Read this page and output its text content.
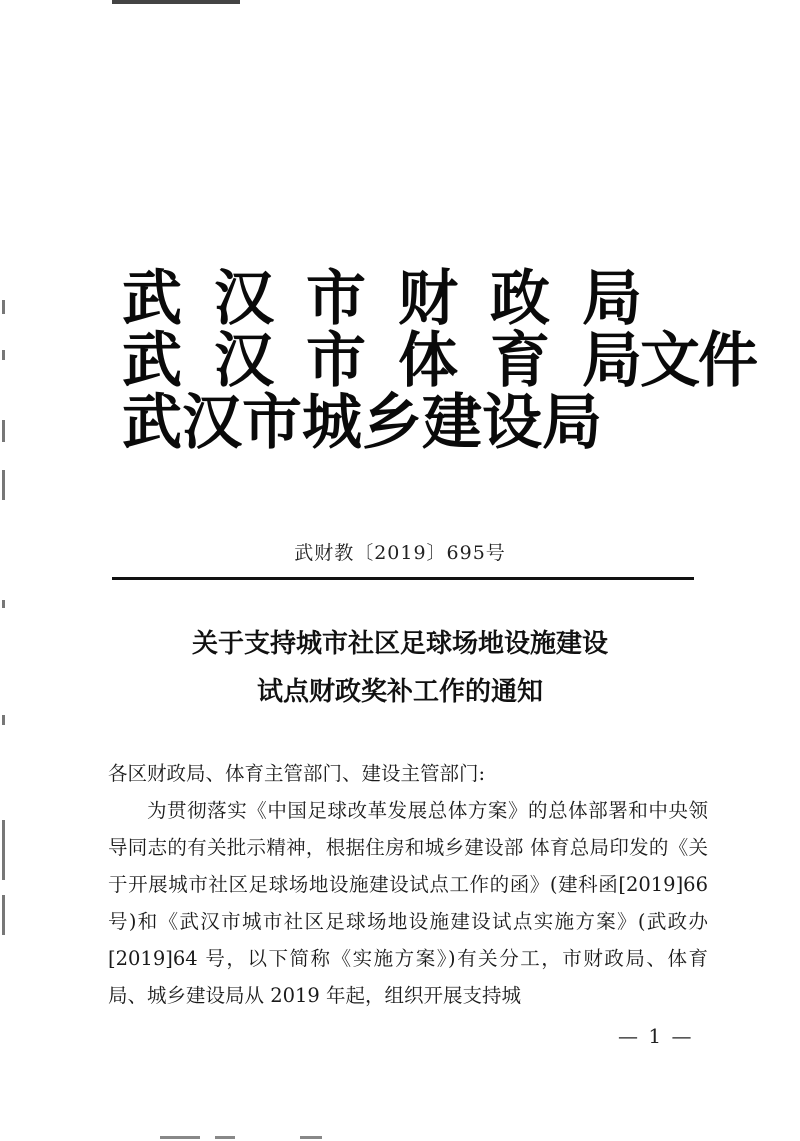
武 汉 市 财 政 局
武 汉 市 体 育 局文件
武 汉 市 城 乡 建 设 局
武财教〔2019〕695号
关于支持城市社区足球场地设施建设
试点财政奖补工作的通知

各区财政局、体育主管部门、建设主管部门:

为贯彻落实《中国足球改革发展总体方案》的总体部署和中央领导同志的有关批示精神，根据住房和城乡建设部 体育总局印发的《关于开展城市社区足球场地设施建设试点工作的函》(建科函[2019]66 号)和《武汉市城市社区足球场地设施建设试点实施方案》(武政办[2019]64 号，以下简称《实施方案》)有关分工，市财政局、体育局、城乡建设局从 2019 年起，组织开展支持城

— 1 —
